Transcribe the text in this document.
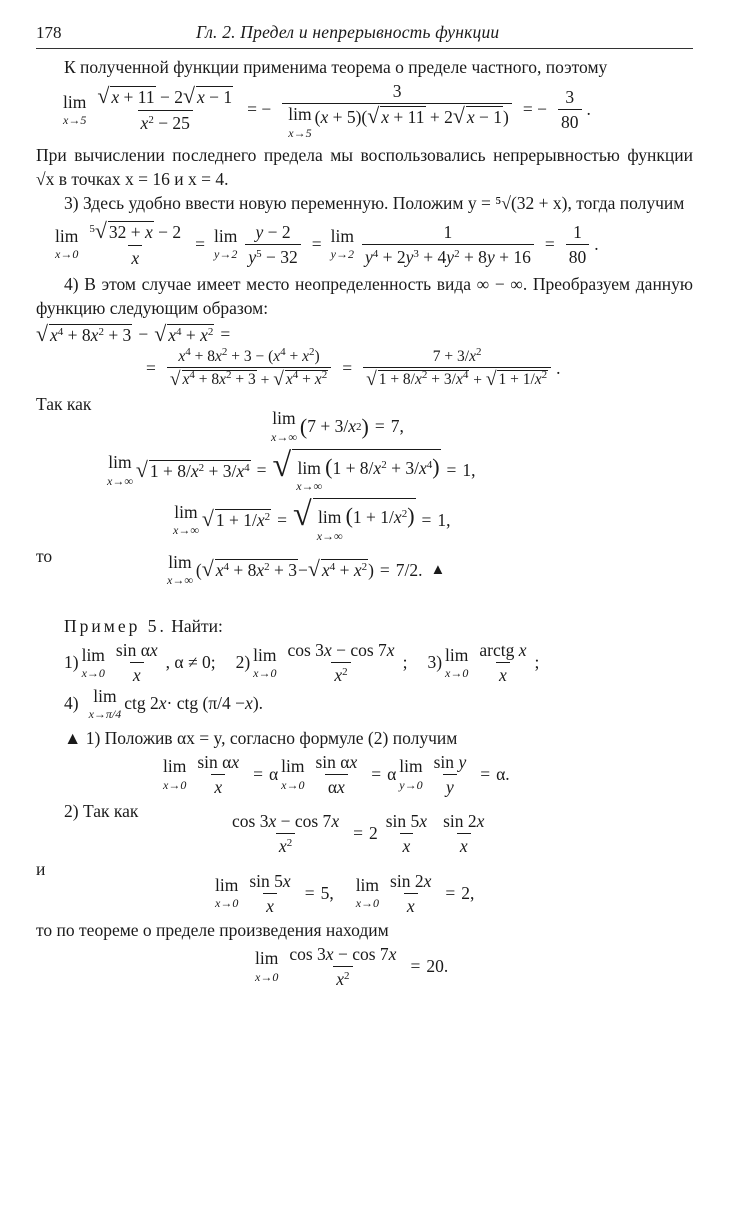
178	Гл. 2. Предел и непрерывность функции

К полученной функции применима теорема о пределе частного, поэтому

lim
$x\to 5 \frac{√ x + 11 - 2 √ x - 1}{x^2 - 25}$ = − 3
lim
x→5
(x + 5)( √ x + 11 + 2 √ x − 1 ) = − $\frac{3}{80}$ .

При вычислении последнего предела мы воспользовались непрерывностью функции √x в точках x = 16 и x = 4.

3) Здесь удобно ввести новую переменную. Положим y = ⁵√(32 + x), тогда получим

lim
$x\to 0 \frac{^5 √ 32 + x - 2}{x} = \lim$
$y\to 2 \frac{y - 2}{y^5 - 32} = \lim$
$y\to 2 \frac{1}{y^4 + 2y^3 + 4y^2 + 8y + 16} = \frac{1}{80}$ .

4) В этом случае имеет место неопределенность вида ∞ − ∞. Преобразуем данную функцию следующим образом:

√ $x^4 + 8x^2 + 3$ − √ $x^4 + x^2$ =
= $\frac{x^4 + 8x^2 + 3 - (x^4 + x^2)}{√ x^4 + 8x^2 + 3 + √ x^4 + x^2} = \frac{7 + 3/x^2}{√ 1 + 8/x^2 + 3/x^4 + √ 1 + 1/x^2}$ .

Так как

lim
x→∞ ( 7 + 3/ x 2 ) = 7,
lim
x→∞ √ $1 + 8/x^2 + 3/x^4$ = √ lim
x→∞
$(1 + 8/x^2 + 3/x^4) = 1$,
lim
x→∞ √ $1 + 1/x^2$ = √ lim
x→∞
$(1 + 1/x^2) = 1$,
то	lim
x→∞
( √ $x^4 + 8x^2 + 3$ − √ $x^4 + x^2$ ) = 7/2. ▲

Пример 5. Найти:

1) lim
x→0
sin αx
x
, α ≠ 0; 2) lim
x→0
cos 3x − cos 7x
$x^2$	; 3) lim
x→0
arctg x
x
;
4) lim
x→π/4
ctg 2 x · ctg (π/4 − x ).

▲ 1) Положив αx = y, согласно формуле (2) получим

lim
$x\to 0 \frac{\text{sin αx}}{x} = \alpha$ lim
$x\to 0 \frac{\text{sin αx}}{\alpha x} = \alpha$ lim
$y\to 0 \frac{\text{sin y}}{y} = \alpha$.
2) Так как	$\frac{\cos 3x - \cos 7x}{x^2} = 2 \frac{\sin 5x}{x}$ sin 2x
x
и
lim
$x\to 0 \frac{\sin 5x}{x} = 5$, lim
$x\to 0 \frac{\sin 2x}{x} = 2$,

то по теореме о пределе произведения находим

lim
$x\to 0 \frac{\cos 3x - \cos 7x}{x^2} = 20$.
